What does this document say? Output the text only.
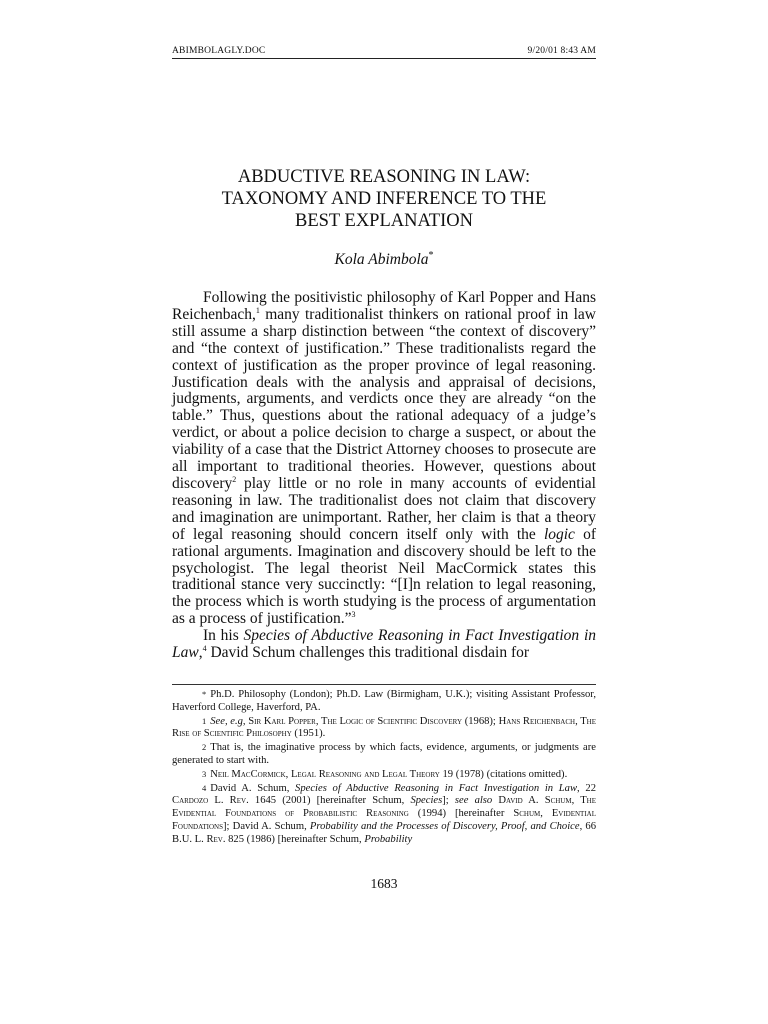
ABIMBOLAGLY.DOC	9/20/01 8:43 AM
ABDUCTIVE REASONING IN LAW:
TAXONOMY AND INFERENCE TO THE
BEST EXPLANATION
Kola Abimbola*

Following the positivistic philosophy of Karl Popper and Hans Reichenbach,$^1$ many traditionalist thinkers on rational proof in law still assume a sharp distinction between “the context of discovery” and “the context of justification.” These traditionalists regard the context of justification as the proper province of legal reasoning. Justification deals with the analysis and appraisal of decisions, judgments, arguments, and verdicts once they are already “on the table.” Thus, questions about the rational adequacy of a judge’s verdict, or about a police decision to charge a suspect, or about the viability of a case that the District Attorney chooses to prosecute are all important to traditional theories. However, questions about discovery$^2$ play little or no role in many accounts of evidential reasoning in law. The traditionalist does not claim that discovery and imagination are unimportant. Rather, her claim is that a theory of legal reasoning should concern itself only with the logic of rational arguments. Imagination and discovery should be left to the psychologist. The legal theorist Neil MacCormick states this traditional stance very succinctly: “[I]n relation to legal reasoning, the process which is worth studying is the process of argumentation as a process of justification.”$^3$

In his Species of Abductive Reasoning in Fact Investigation in Law,$^4$ David Schum challenges this traditional disdain for

* Ph.D. Philosophy (London); Ph.D. Law (Birmigham, U.K.); visiting Assistant Professor, Haverford College, Haverford, PA.

1 See, e.g, Sir Karl Popper, The Logic of Scientific Discovery (1968); Hans Reichenbach, The Rise of Scientific Philosophy (1951).

2 That is, the imaginative process by which facts, evidence, arguments, or judgments are generated to start with.

3 Neil MacCormick, Legal Reasoning and Legal Theory 19 (1978) (citations omitted).

4 David A. Schum, Species of Abductive Reasoning in Fact Investigation in Law, 22 Cardozo L. Rev. 1645 (2001) [hereinafter Schum, Species]; see also David A. Schum, The Evidential Foundations of Probabilistic Reasoning (1994) [hereinafter Schum, Evidential Foundations]; David A. Schum, Probability and the Processes of Discovery, Proof, and Choice, 66 B.U. L. Rev. 825 (1986) [hereinafter Schum, Probability

1683
